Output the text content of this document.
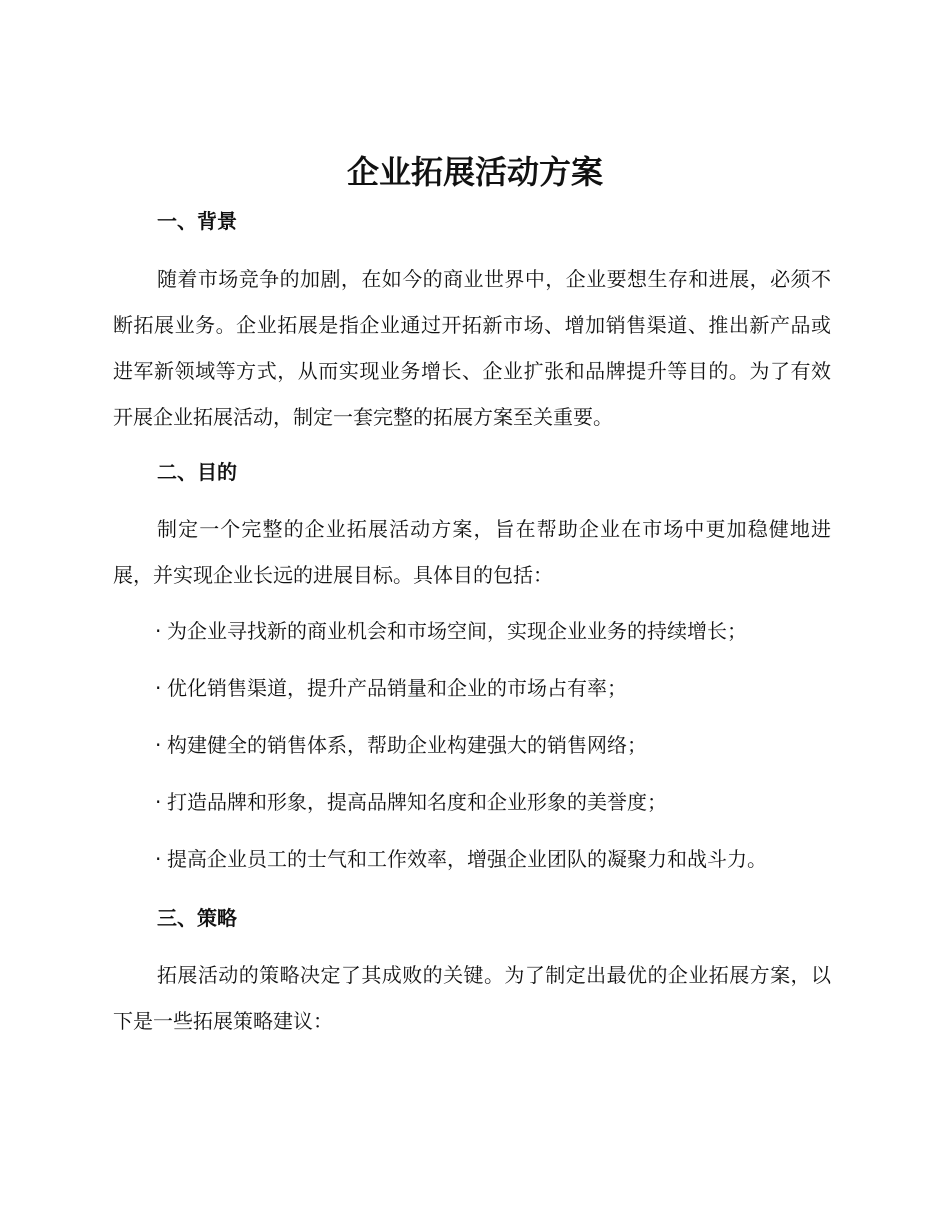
企业拓展活动方案
一、背景
随着市场竞争的加剧，在如今的商业世界中，企业要想生存和进展，必须不断拓展业务。企业拓展是指企业通过开拓新市场、增加销售渠道、推出新产品或进军新领域等方式，从而实现业务增长、企业扩张和品牌提升等目的。为了有效开展企业拓展活动，制定一套完整的拓展方案至关重要。
二、目的
制定一个完整的企业拓展活动方案，旨在帮助企业在市场中更加稳健地进展，并实现企业长远的进展目标。具体目的包括：
· 为企业寻找新的商业机会和市场空间，实现企业业务的持续增长；
· 优化销售渠道，提升产品销量和企业的市场占有率；
· 构建健全的销售体系，帮助企业构建强大的销售网络；
· 打造品牌和形象，提高品牌知名度和企业形象的美誉度；
· 提高企业员工的士气和工作效率，增强企业团队的凝聚力和战斗力。
三、策略
拓展活动的策略决定了其成败的关键。为了制定出最优的企业拓展方案，以下是一些拓展策略建议：
